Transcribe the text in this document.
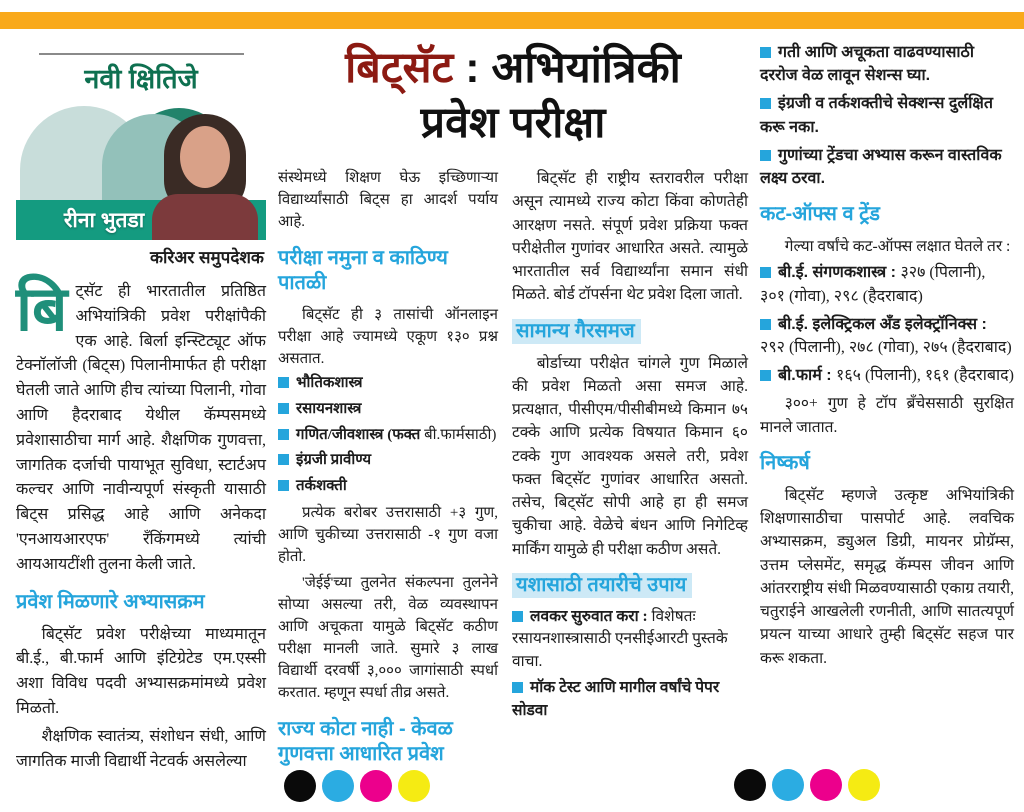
नवी क्षितिजे
रीना भुतडा
करिअर समुपदेशक

बिट्सॅट ही भारतातील प्रतिष्ठित अभियांत्रिकी प्रवेश परीक्षांपैकी एक आहे. बिर्ला इन्स्टिट्यूट ऑफ टेक्नॉलॉजी (बिट्स) पिलानीमार्फत ही परीक्षा घेतली जाते आणि हीच त्यांच्या पिलानी, गोवा आणि हैदराबाद येथील कॅम्पसमध्ये प्रवेशासाठीचा मार्ग आहे. शैक्षणिक गुणवत्ता, जागतिक दर्जाची पायाभूत सुविधा, स्टार्टअप कल्चर आणि नावीन्यपूर्ण संस्कृती यासाठी बिट्स प्रसिद्ध आहे आणि अनेकदा 'एनआयआरएफ' रँकिंगमध्ये त्यांची आयआयटींशी तुलना केली जाते.

प्रवेश मिळणारे अभ्यासक्रम

बिट्सॅट प्रवेश परीक्षेच्या माध्यमातून बी.ई., बी.फार्म आणि इंटिग्रेटेड एम.एस्सी अशा विविध पदवी अभ्यासक्रमांमध्ये प्रवेश मिळतो.

शैक्षणिक स्वातंत्र्य, संशोधन संधी, आणि जागतिक माजी विद्यार्थी नेटवर्क असलेल्या

बिट्सॅट : अभियांत्रिकी
प्रवेश परीक्षा

संस्थेमध्ये शिक्षण घेऊ इच्छिणाऱ्या विद्यार्थ्यांसाठी बिट्स हा आदर्श पर्याय आहे.

परीक्षा नमुना व काठिण्य पातळी

बिट्सॅट ही ३ तासांची ऑनलाइन परीक्षा आहे ज्यामध्ये एकूण १३० प्रश्न असतात.

भौतिकशास्त्र
रसायनशास्त्र
गणित/जीवशास्त्र (फक्त बी.फार्मसाठी)
इंग्रजी प्रावीण्य
तर्कशक्ती

प्रत्येक बरोबर उत्तरासाठी +३ गुण, आणि चुकीच्या उत्तरासाठी -१ गुण वजा होतो.

'जेईई'च्या तुलनेत संकल्पना तुलनेने सोप्या असल्या तरी, वेळ व्यवस्थापन आणि अचूकता यामुळे बिट्सॅट कठीण परीक्षा मानली जाते. सुमारे ३ लाख विद्यार्थी दरवर्षी ३,००० जागांसाठी स्पर्धा करतात. म्हणून स्पर्धा तीव्र असते.

राज्य कोटा नाही - केवळ गुणवत्ता आधारित प्रवेश

बिट्सॅट ही राष्ट्रीय स्तरावरील परीक्षा असून त्यामध्ये राज्य कोटा किंवा कोणतेही आरक्षण नसते. संपूर्ण प्रवेश प्रक्रिया फक्त परीक्षेतील गुणांवर आधारित असते. त्यामुळे भारतातील सर्व विद्यार्थ्यांना समान संधी मिळते. बोर्ड टॉपर्सना थेट प्रवेश दिला जातो.

सामान्य गैरसमज

बोर्डाच्या परीक्षेत चांगले गुण मिळाले की प्रवेश मिळतो असा समज आहे. प्रत्यक्षात, पीसीएम/पीसीबीमध्ये किमान ७५ टक्के आणि प्रत्येक विषयात किमान ६० टक्के गुण आवश्यक असले तरी, प्रवेश फक्त बिट्सॅट गुणांवर आधारित असतो. तसेच, बिट्सॅट सोपी आहे हा ही समज चुकीचा आहे. वेळेचे बंधन आणि निगेटिव्ह मार्किंग यामुळे ही परीक्षा कठीण असते.

यशासाठी तयारीचे उपाय
लवकर सुरुवात करा : विशेषतः रसायनशास्त्रासाठी एनसीईआरटी पुस्तके वाचा.
मॉक टेस्ट आणि मागील वर्षांचे पेपर सोडवा
गती आणि अचूकता वाढवण्यासाठी दररोज वेळ लावून सेशन्स घ्या.
इंग्रजी व तर्कशक्तीचे सेक्शन्स दुर्लक्षित करू नका.
गुणांच्या ट्रेंडचा अभ्यास करून वास्तविक लक्ष्य ठरवा.
कट-ऑफ्स व ट्रेंड

गेल्या वर्षांचे कट-ऑफ्स लक्षात घेतले तर :

बी.ई. संगणकशास्त्र : ३२७ (पिलानी), ३०१ (गोवा), २९८ (हैदराबाद)
बी.ई. इलेक्ट्रिकल अँड इलेक्ट्रॉनिक्स : २९२ (पिलानी), २७८ (गोवा), २७५ (हैदराबाद)
बी.फार्म : १६५ (पिलानी), १६१ (हैदराबाद)

३००+ गुण हे टॉप ब्रँचेससाठी सुरक्षित मानले जातात.

निष्कर्ष

बिट्सॅट म्हणजे उत्कृष्ट अभियांत्रिकी शिक्षणासाठीचा पासपोर्ट आहे. लवचिक अभ्यासक्रम, ड्युअल डिग्री, मायनर प्रोग्रॅम्स, उत्तम प्लेसमेंट, समृद्ध कॅम्पस जीवन आणि आंतरराष्ट्रीय संधी मिळवण्यासाठी एकाग्र तयारी, चतुराईने आखलेली रणनीती, आणि सातत्यपूर्ण प्रयत्न याच्या आधारे तुम्ही बिट्सॅट सहज पार करू शकता.
